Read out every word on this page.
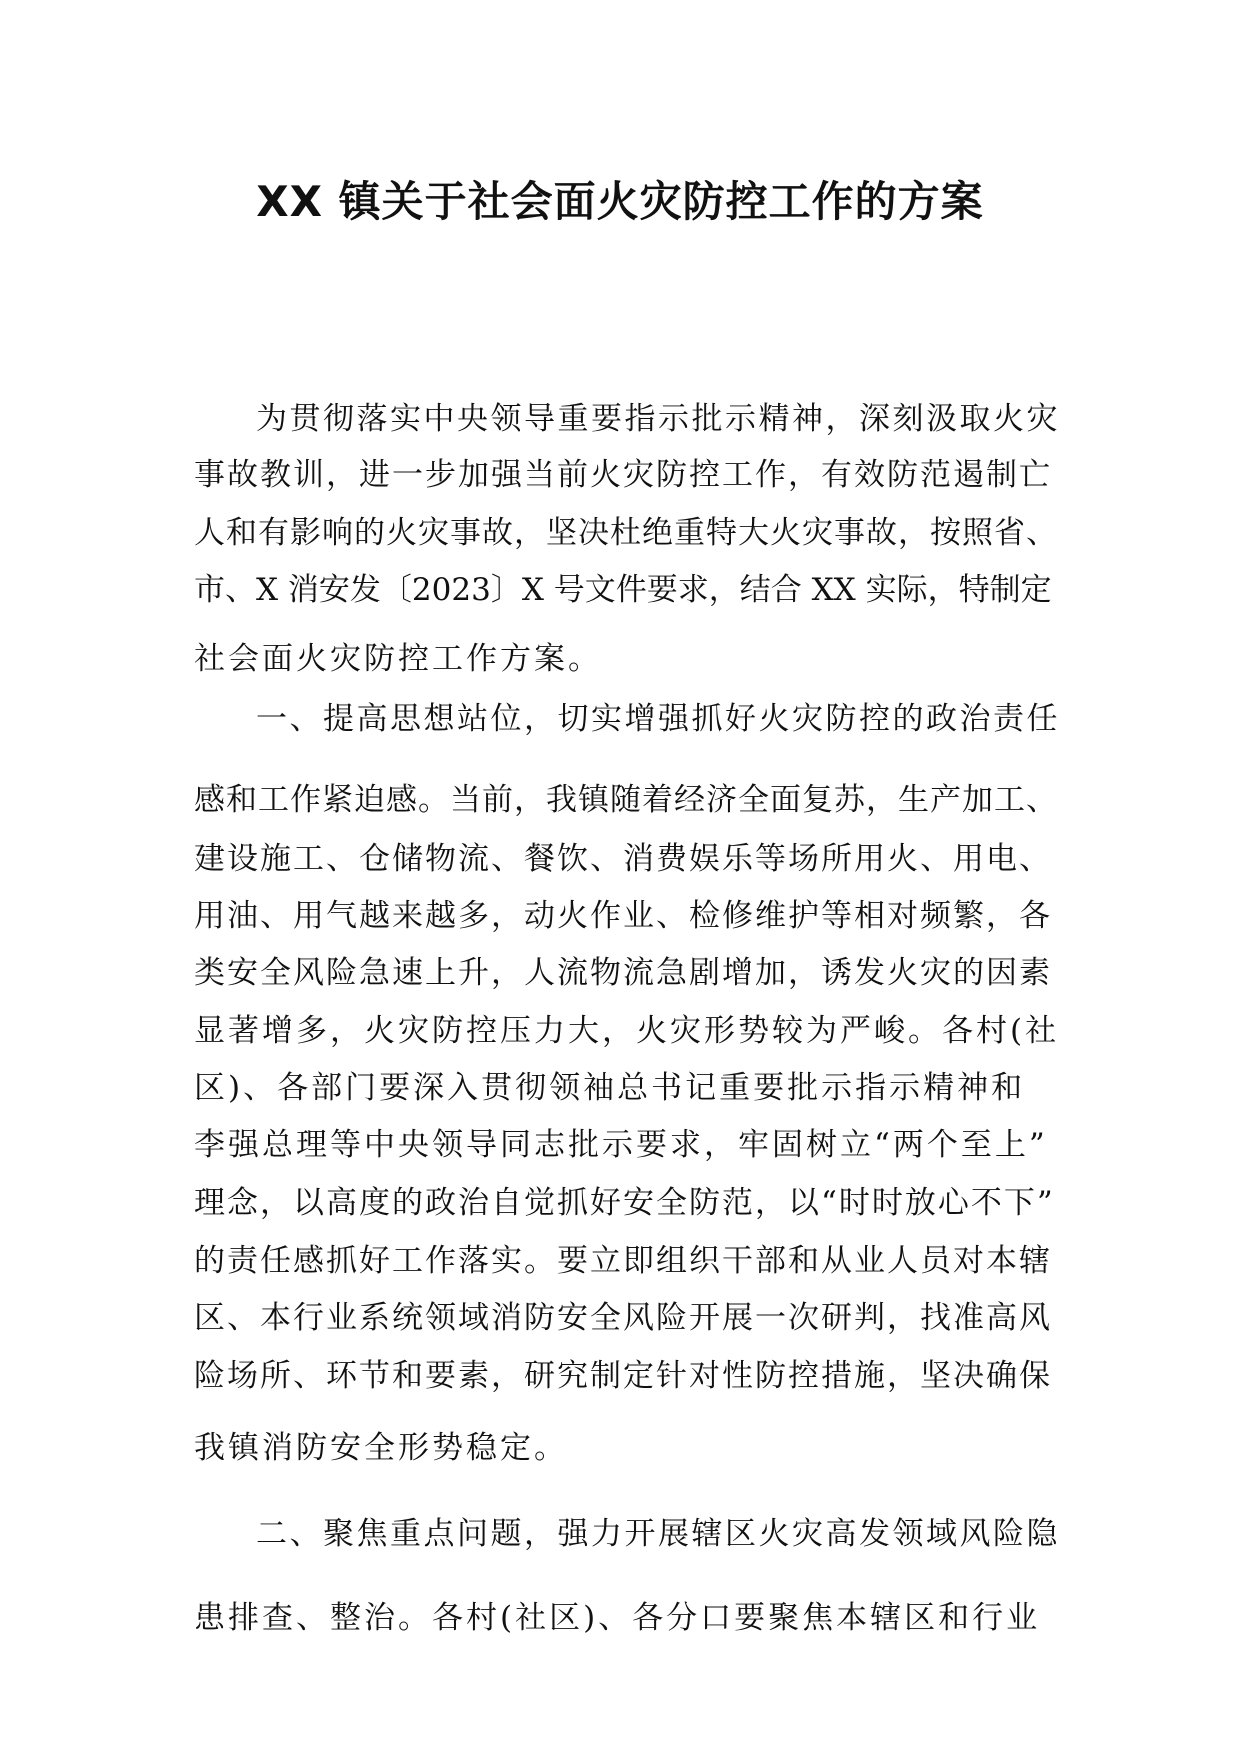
XX 镇关于社会面火灾防控工作的方案

为贯彻落实中央领导重要指示批示精神，深刻汲取火灾

事故教训，进一步加强当前火灾防控工作，有效防范遏制亡

人和有影响的火灾事故，坚决杜绝重特大火灾事故，按照省、

市、X 消安发〔2023〕X 号文件要求，结合 XX 实际，特制定

社会面火灾防控工作方案。

一、提高思想站位，切实增强抓好火灾防控的政治责任

感和工作紧迫感。当前，我镇随着经济全面复苏，生产加工、

建设施工、仓储物流、餐饮、消费娱乐等场所用火、用电、

用油、用气越来越多，动火作业、检修维护等相对频繁，各

类安全风险急速上升，人流物流急剧增加，诱发火灾的因素

显著增多，火灾防控压力大，火灾形势较为严峻。各村(社

区)、各部门要深入贯彻领袖总书记重要批示指示精神和

李强总理等中央领导同志批示要求，牢固树立“两个至上”

理念，以高度的政治自觉抓好安全防范，以“时时放心不下”

的责任感抓好工作落实。要立即组织干部和从业人员对本辖

区、本行业系统领域消防安全风险开展一次研判，找准高风

险场所、环节和要素，研究制定针对性防控措施，坚决确保

我镇消防安全形势稳定。

二、聚焦重点问题，强力开展辖区火灾高发领域风险隐

患排查、整治。各村(社区)、各分口要聚焦本辖区和行业
